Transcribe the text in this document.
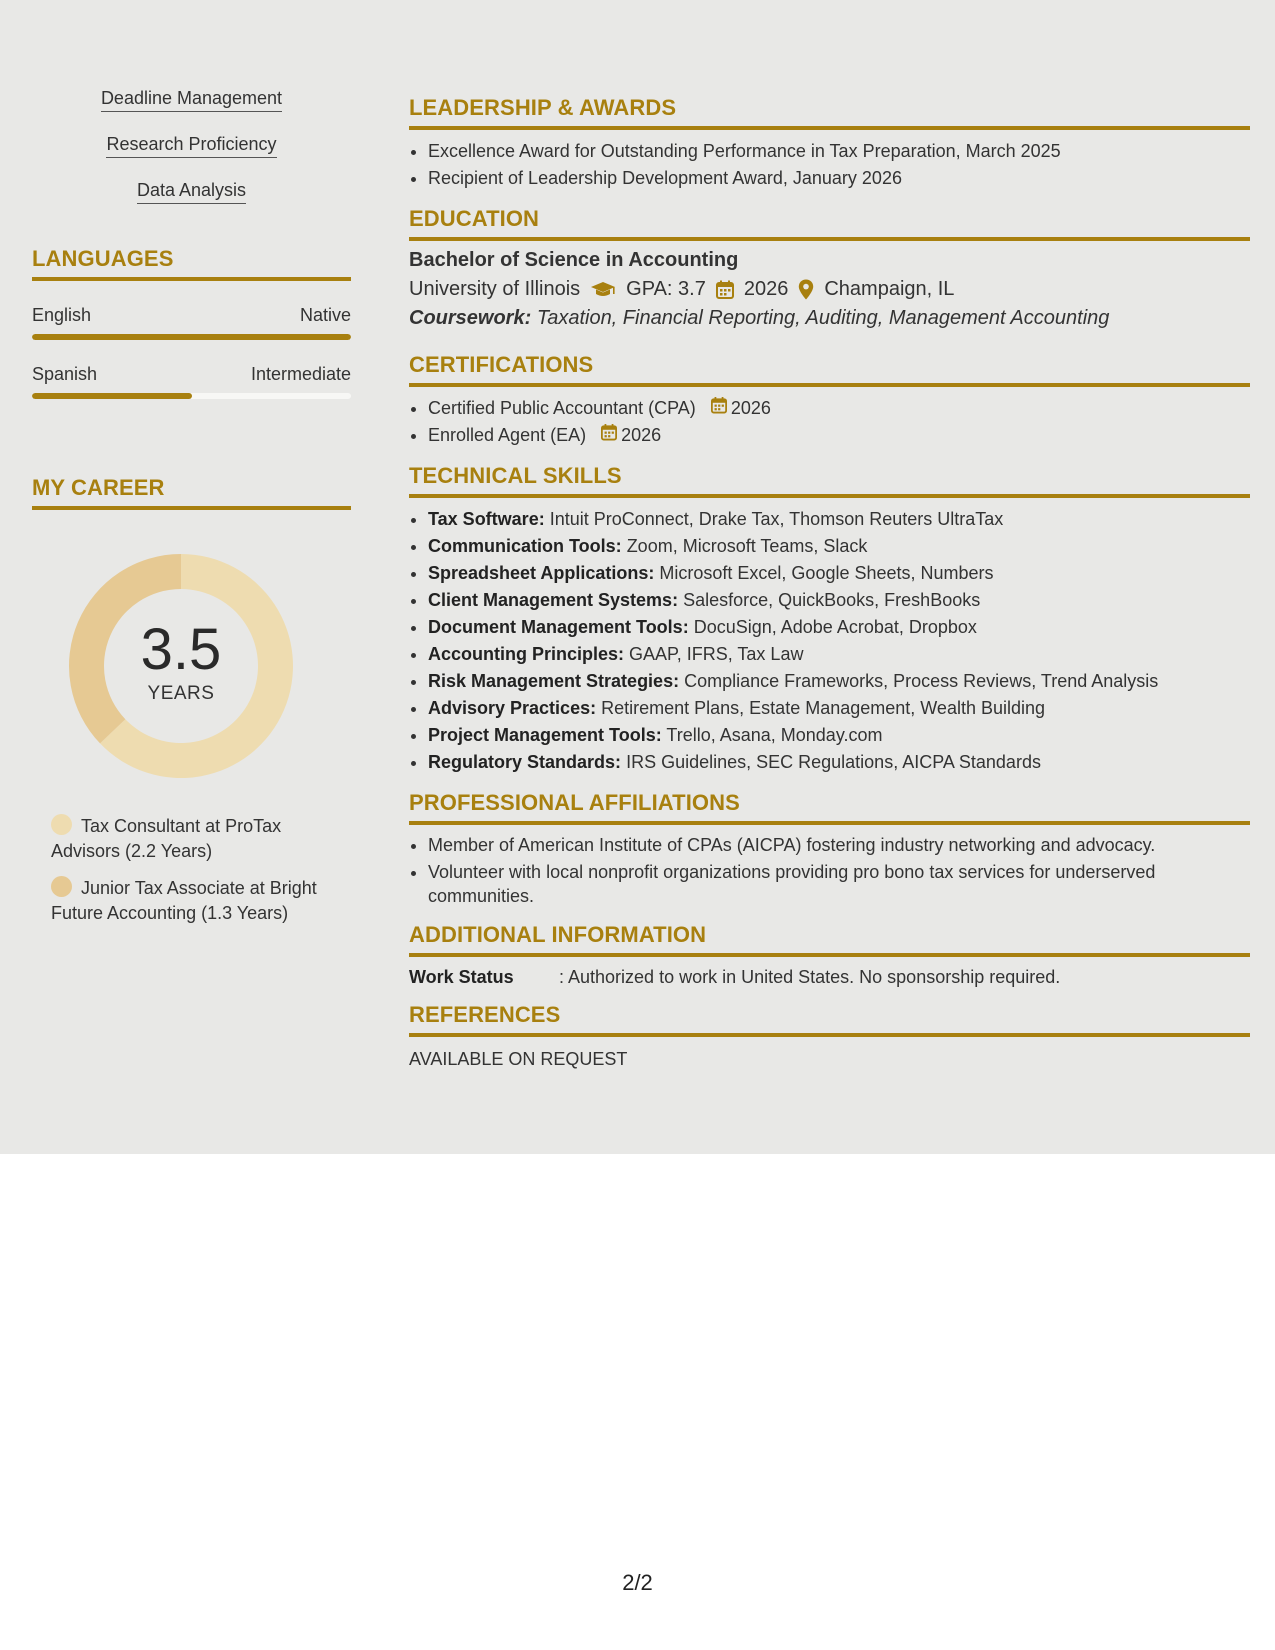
Deadline Management
Research Proficiency
Data Analysis
LANGUAGES
English	Native
Spanish	Intermediate
MY CAREER
3.5
YEARS
Tax Consultant at ProTax Advisors (2.2 Years)
Junior Tax Associate at Bright Future Accounting (1.3 Years)
LEADERSHIP & AWARDS
• Excellence Award for Outstanding Performance in Tax Preparation, March 2025
• Recipient of Leadership Development Award, January 2026
EDUCATION
Bachelor of Science in Accounting
University of Illinois GPA: 3.7 2026 Champaign, IL
Coursework: Taxation, Financial Reporting, Auditing, Management Accounting
CERTIFICATIONS
• Certified Public Accountant (CPA) 2026
• Enrolled Agent (EA) 2026
TECHNICAL SKILLS
• Tax Software: Intuit ProConnect, Drake Tax, Thomson Reuters UltraTax
• Communication Tools: Zoom, Microsoft Teams, Slack
• Spreadsheet Applications: Microsoft Excel, Google Sheets, Numbers
• Client Management Systems: Salesforce, QuickBooks, FreshBooks
• Document Management Tools: DocuSign, Adobe Acrobat, Dropbox
• Accounting Principles: GAAP, IFRS, Tax Law
• Risk Management Strategies: Compliance Frameworks, Process Reviews, Trend Analysis
• Advisory Practices: Retirement Plans, Estate Management, Wealth Building
• Project Management Tools: Trello, Asana, Monday.com
• Regulatory Standards: IRS Guidelines, SEC Regulations, AICPA Standards
PROFESSIONAL AFFILIATIONS
• Member of American Institute of CPAs (AICPA) fostering industry networking and advocacy.
• Volunteer with local nonprofit organizations providing pro bono tax services for underserved communities.
ADDITIONAL INFORMATION
Work Status	: Authorized to work in United States. No sponsorship required.
REFERENCES
AVAILABLE ON REQUEST
2/2
